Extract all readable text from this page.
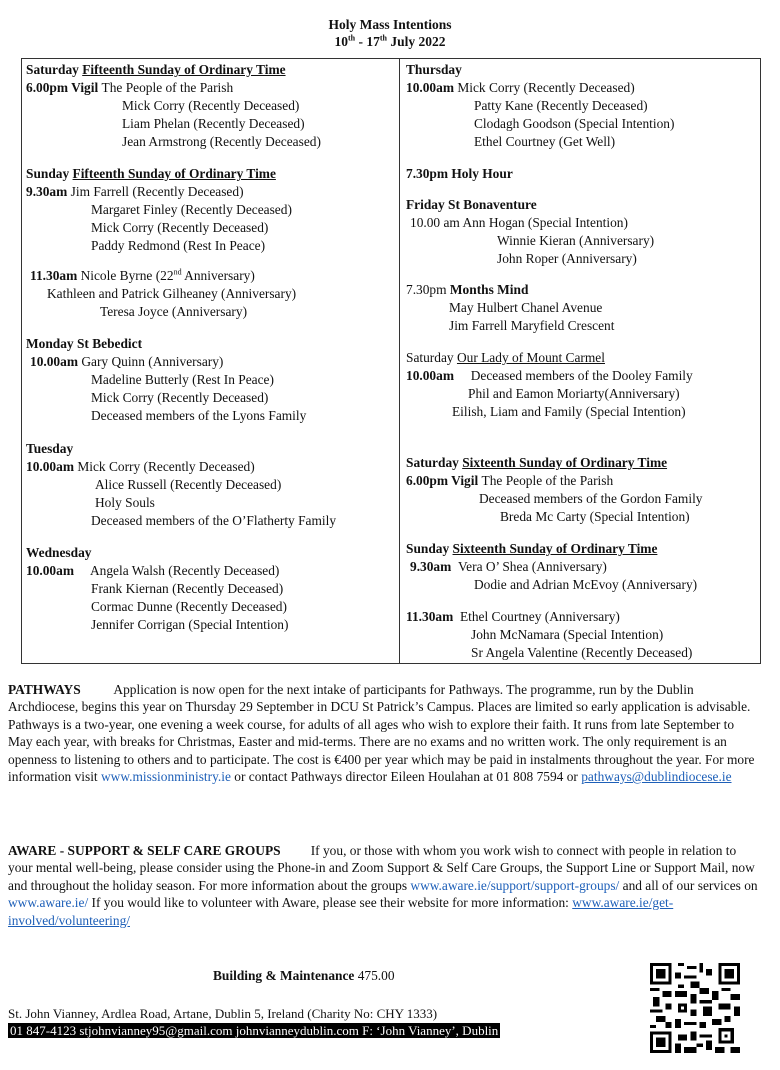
Holy Mass Intentions
10th - 17th July 2022
Saturday Fifteenth Sunday of Ordinary Time
6.00pm Vigil The People of the Parish
Mick Corry (Recently Deceased)
Liam Phelan (Recently Deceased)
Jean Armstrong (Recently Deceased)
Sunday Fifteenth Sunday of Ordinary Time
9.30am Jim Farrell (Recently Deceased)
Margaret Finley (Recently Deceased)
Mick Corry (Recently Deceased)
Paddy Redmond (Rest In Peace)
11.30am Nicole Byrne (22nd Anniversary)
Kathleen and Patrick Gilheaney (Anniversary)
Teresa Joyce (Anniversary)
Monday St Bebedict
10.00am Gary Quinn (Anniversary)
Madeline Butterly (Rest In Peace)
Mick Corry (Recently Deceased)
Deceased members of the Lyons Family
Tuesday
10.00am Mick Corry (Recently Deceased)
Alice Russell (Recently Deceased)
Holy Souls
Deceased members of the O’Flatherty Family
Wednesday
10.00am Angela Walsh (Recently Deceased)
Frank Kiernan (Recently Deceased)
Cormac Dunne (Recently Deceased)
Jennifer Corrigan (Special Intention)
Thursday
10.00am Mick Corry (Recently Deceased)
Patty Kane (Recently Deceased)
Clodagh Goodson (Special Intention)
Ethel Courtney (Get Well)
7.30pm Holy Hour
Friday St Bonaventure
10.00 am Ann Hogan (Special Intention)
Winnie Kieran (Anniversary)
John Roper (Anniversary)
7.30pm Months Mind
May Hulbert Chanel Avenue
Jim Farrell Maryfield Crescent
Saturday Our Lady of Mount Carmel
10.00am Deceased members of the Dooley Family
Phil and Eamon Moriarty(Anniversary)
Eilish, Liam and Family (Special Intention)
Saturday Sixteenth Sunday of Ordinary Time
6.00pm Vigil The People of the Parish
Deceased members of the Gordon Family
Breda Mc Carty (Special Intention)
Sunday Sixteenth Sunday of Ordinary Time
9.30am  Vera O’ Shea (Anniversary)
Dodie and Adrian McEvoy (Anniversary)
11.30am  Ethel Courtney (Anniversary)
John McNamara (Special Intention)
Sr Angela Valentine (Recently Deceased)
PATHWAYS Application is now open for the next intake of participants for Pathways. The programme, run by the Dublin Archdiocese, begins this year on Thursday 29 September in DCU St Patrick’s Campus. Places are limited so early application is advisable. Pathways is a two-year, one evening a week course, for adults of all ages who wish to explore their faith. It runs from late September to May each year, with breaks for Christmas, Easter and mid-terms. There are no exams and no written work. The only requirement is an openness to listening to others and to participate. The cost is €400 per year which may be paid in instalments throughout the year. For more information visit www.missionministry.ie or contact Pathways director Eileen Houlahan at 01 808 7594 or pathways@dublindiocese.ie
AWARE - SUPPORT & SELF CARE GROUPS If you, or those with whom you work wish to connect with people in relation to your mental well-being, please consider using the Phone-in and Zoom Support & Self Care Groups, the Support Line or Support Mail, now and throughout the holiday season. For more information about the groups www.aware.ie/support/support-groups/ and all of our services on www.aware.ie/ If you would like to volunteer with Aware, please see their website for more information: www.aware.ie/get-involved/volunteering/
Building & Maintenance 475.00
St. John Vianney, Ardlea Road, Artane, Dublin 5, Ireland (Charity No: CHY 1333)
01 847-4123 stjohnvianney95@gmail.com johnvianneydublin.com F: ‘John Vianney’, Dublin
